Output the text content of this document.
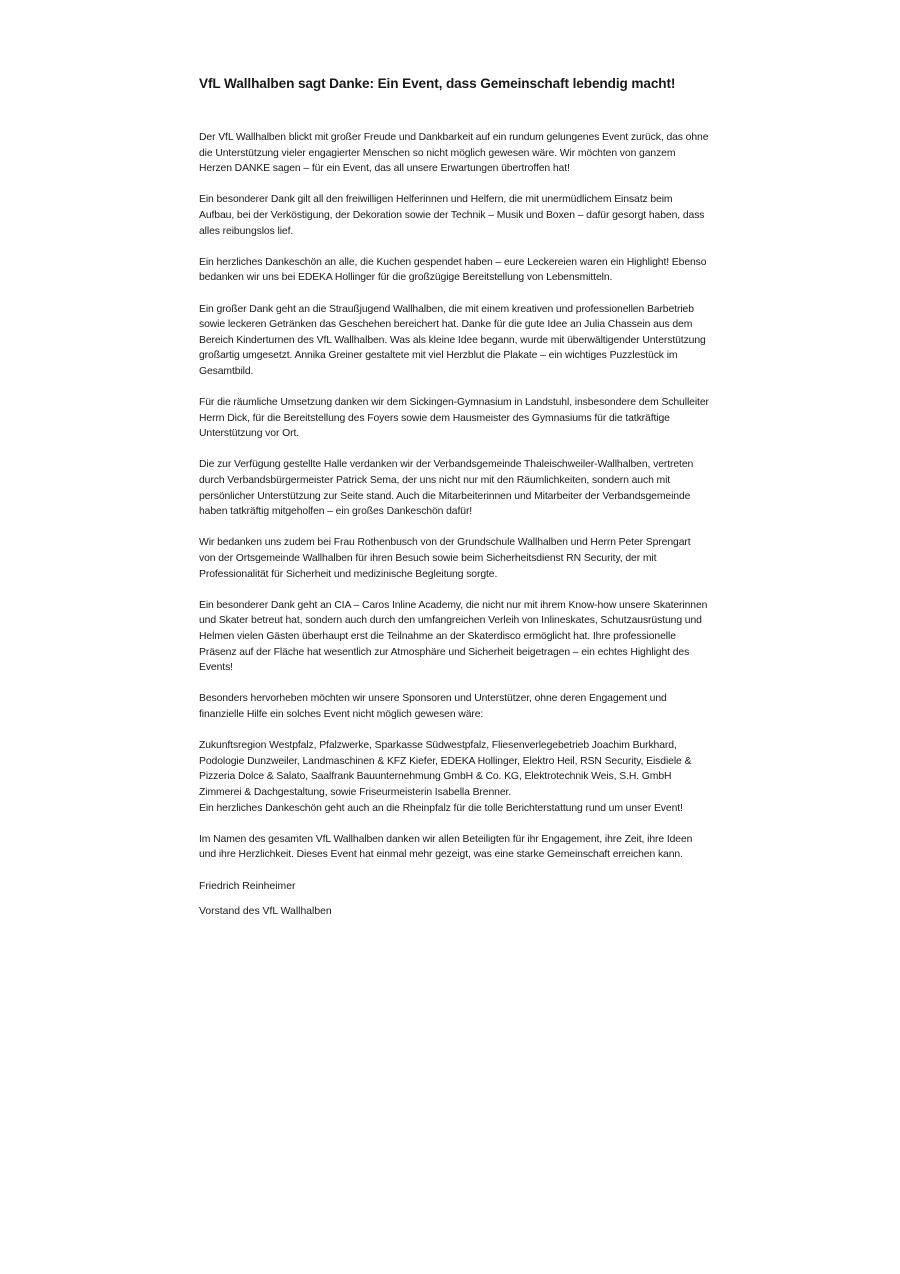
VfL Wallhalben sagt Danke: Ein Event, dass Gemeinschaft lebendig macht!

Der VfL Wallhalben blickt mit großer Freude und Dankbarkeit auf ein rundum gelungenes Event zurück, das ohne die Unterstützung vieler engagierter Menschen so nicht möglich gewesen wäre. Wir möchten von ganzem Herzen DANKE sagen – für ein Event, das all unsere Erwartungen übertroffen hat!

Ein besonderer Dank gilt all den freiwilligen Helferinnen und Helfern, die mit unermüdlichem Einsatz beim Aufbau, bei der Verköstigung, der Dekoration sowie der Technik – Musik und Boxen – dafür gesorgt haben, dass alles reibungslos lief.

Ein herzliches Dankeschön an alle, die Kuchen gespendet haben – eure Leckereien waren ein Highlight! Ebenso bedanken wir uns bei EDEKA Hollinger für die großzügige Bereitstellung von Lebensmitteln.

Ein großer Dank geht an die Straußjugend Wallhalben, die mit einem kreativen und professionellen Barbetrieb sowie leckeren Getränken das Geschehen bereichert hat. Danke für die gute Idee an Julia Chassein aus dem Bereich Kinderturnen des VfL Wallhalben. Was als kleine Idee begann, wurde mit überwältigender Unterstützung großartig umgesetzt. Annika Greiner gestaltete mit viel Herzblut die Plakate – ein wichtiges Puzzlestück im Gesamtbild.

Für die räumliche Umsetzung danken wir dem Sickingen-Gymnasium in Landstuhl, insbesondere dem Schulleiter Herrn Dick, für die Bereitstellung des Foyers sowie dem Hausmeister des Gymnasiums für die tatkräftige Unterstützung vor Ort.

Die zur Verfügung gestellte Halle verdanken wir der Verbandsgemeinde Thaleischweiler-Wallhalben, vertreten durch Verbandsbürgermeister Patrick Sema, der uns nicht nur mit den Räumlichkeiten, sondern auch mit persönlicher Unterstützung zur Seite stand. Auch die Mitarbeiterinnen und Mitarbeiter der Verbandsgemeinde haben tatkräftig mitgeholfen – ein großes Dankeschön dafür!

Wir bedanken uns zudem bei Frau Rothenbusch von der Grundschule Wallhalben und Herrn Peter Sprengart von der Ortsgemeinde Wallhalben für ihren Besuch sowie beim Sicherheitsdienst RN Security, der mit Professionalität für Sicherheit und medizinische Begleitung sorgte.

Ein besonderer Dank geht an CIA – Caros Inline Academy, die nicht nur mit ihrem Know-how unsere Skaterinnen und Skater betreut hat, sondern auch durch den umfangreichen Verleih von Inlineskates, Schutzausrüstung und Helmen vielen Gästen überhaupt erst die Teilnahme an der Skaterdisco ermöglicht hat. Ihre professionelle Präsenz auf der Fläche hat wesentlich zur Atmosphäre und Sicherheit beigetragen – ein echtes Highlight des Events!

Besonders hervorheben möchten wir unsere Sponsoren und Unterstützer, ohne deren Engagement und finanzielle Hilfe ein solches Event nicht möglich gewesen wäre:

Zukunftsregion Westpfalz, Pfalzwerke, Sparkasse Südwestpfalz, Fliesenverlegebetrieb Joachim Burkhard, Podologie Dunzweiler, Landmaschinen & KFZ Kiefer, EDEKA Hollinger, Elektro Heil, RSN Security, Eisdiele & Pizzeria Dolce & Salato, Saalfrank Bauunternehmung GmbH & Co. KG, Elektrotechnik Weis, S.H. GmbH Zimmerei & Dachgestaltung, sowie Friseurmeisterin Isabella Brenner.

Ein herzliches Dankeschön geht auch an die Rheinpfalz für die tolle Berichterstattung rund um unser Event!

Im Namen des gesamten VfL Wallhalben danken wir allen Beteiligten für ihr Engagement, ihre Zeit, ihre Ideen und ihre Herzlichkeit. Dieses Event hat einmal mehr gezeigt, was eine starke Gemeinschaft erreichen kann.

Friedrich Reinheimer

Vorstand des VfL Wallhalben
